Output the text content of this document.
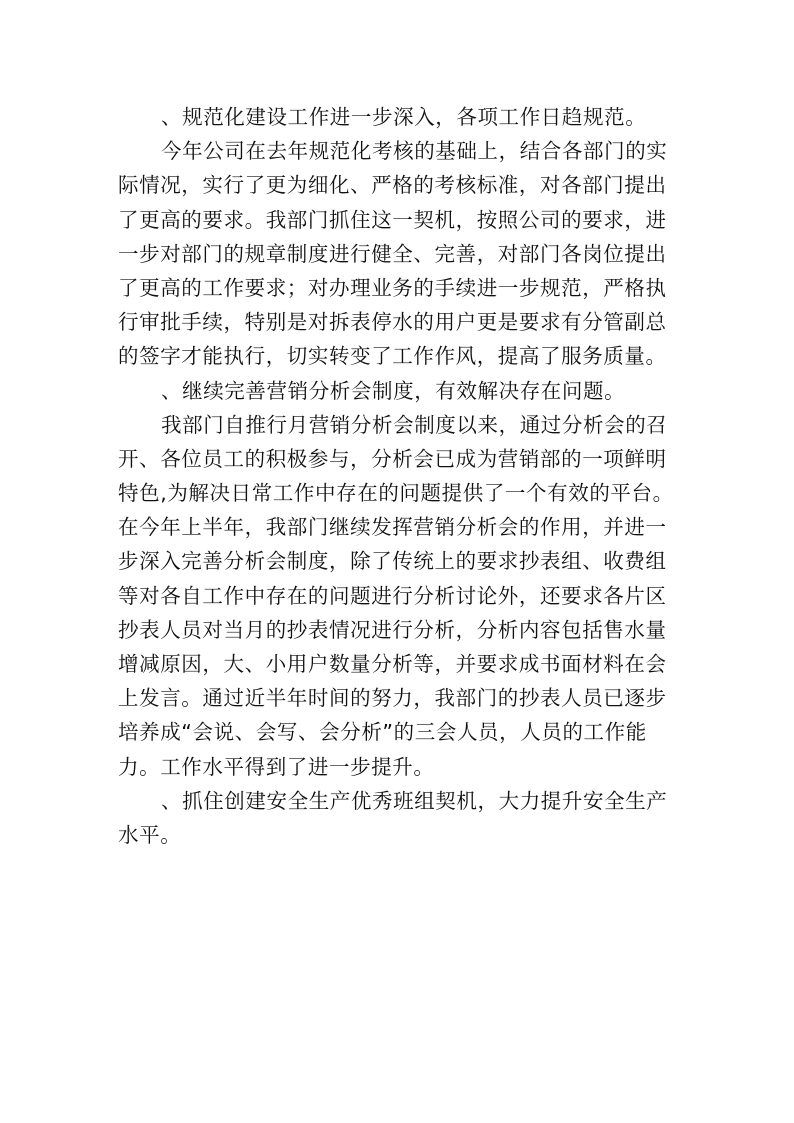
、规范化建设工作进一步深入，各项工作日趋规范。
今年公司在去年规范化考核的基础上，结合各部门的实
际情况，实行了更为细化、严格的考核标准，对各部门提出
了更高的要求。我部门抓住这一契机，按照公司的要求，进
一步对部门的规章制度进行健全、完善，对部门各岗位提出
了更高的工作要求；对办理业务的手续进一步规范，严格执
行审批手续，特别是对拆表停水的用户更是要求有分管副总
的签字才能执行，切实转变了工作作风，提高了服务质量。
、继续完善营销分析会制度，有效解决存在问题。
我部门自推行月营销分析会制度以来，通过分析会的召
开、各位员工的积极参与，分析会已成为营销部的一项鲜明
特色,为解决日常工作中存在的问题提供了一个有效的平台。
在今年上半年，我部门继续发挥营销分析会的作用，并进一
步深入完善分析会制度，除了传统上的要求抄表组、收费组
等对各自工作中存在的问题进行分析讨论外，还要求各片区
抄表人员对当月的抄表情况进行分析，分析内容包括售水量
增减原因，大、小用户数量分析等，并要求成书面材料在会
上发言。通过近半年时间的努力，我部门的抄表人员已逐步
培养成“会说、会写、会分析”的三会人员，人员的工作能
力。工作水平得到了进一步提升。
、抓住创建安全生产优秀班组契机，大力提升安全生产
水平。
